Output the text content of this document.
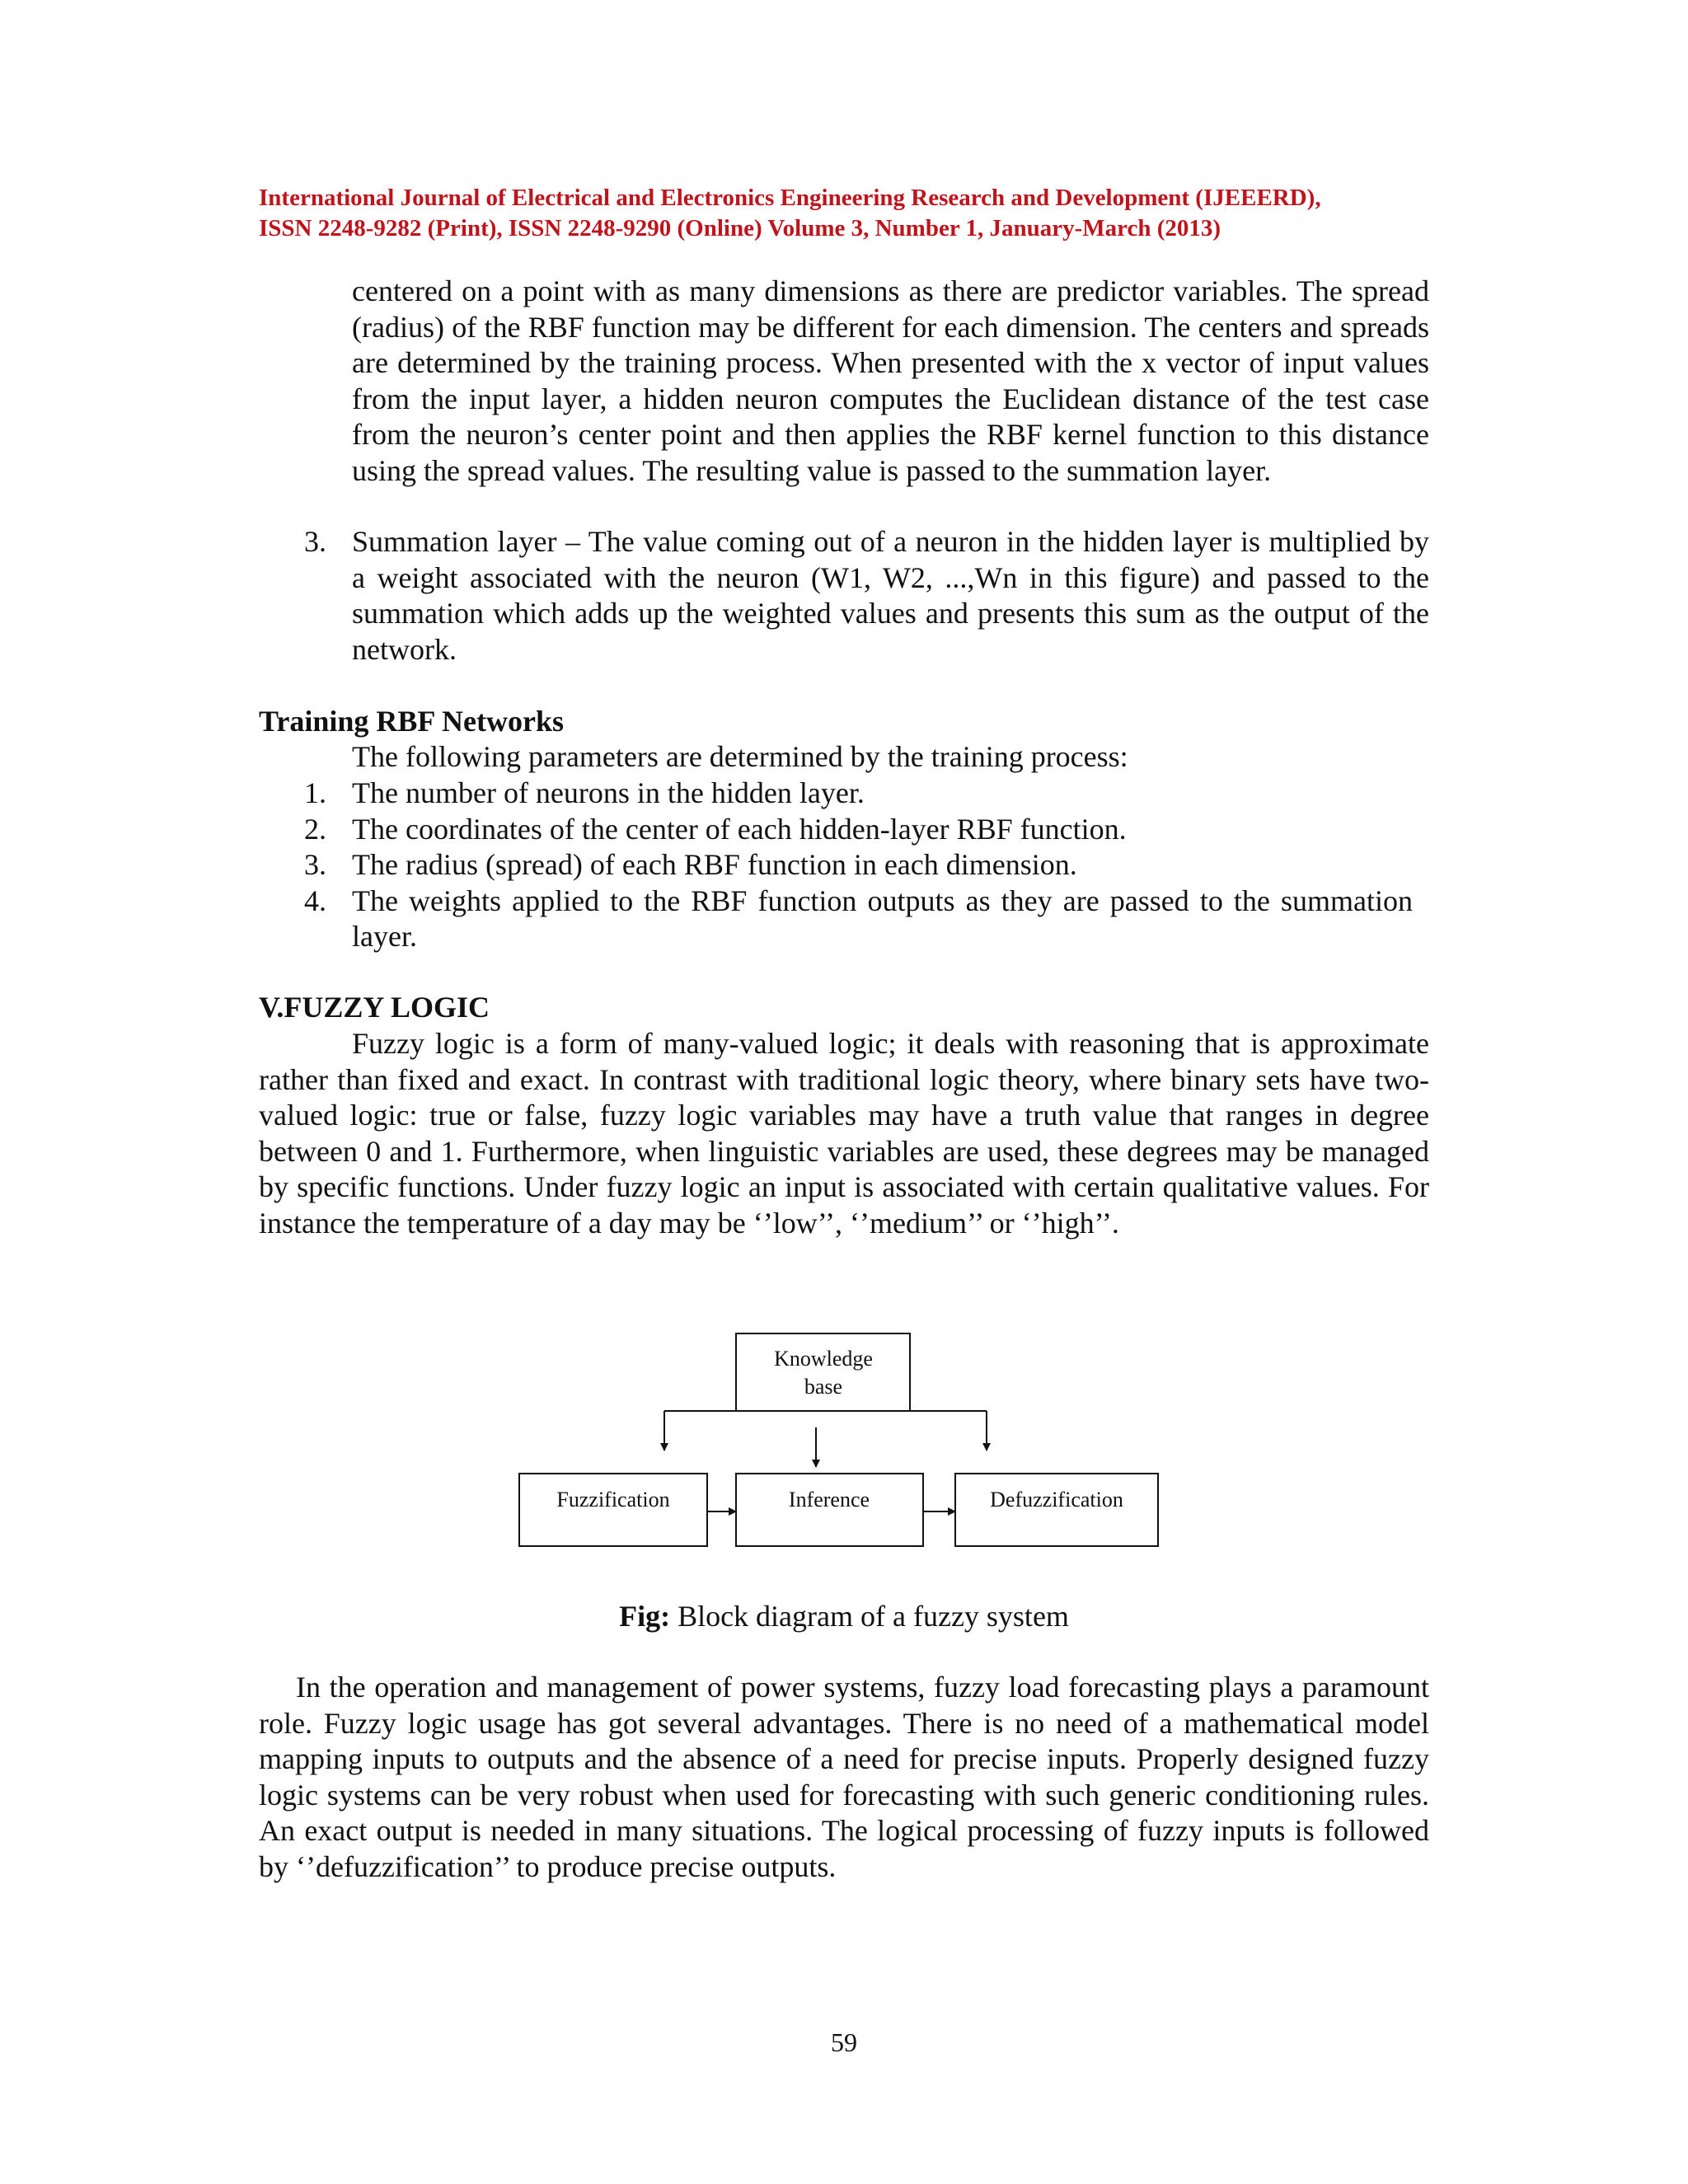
International Journal of Electrical and Electronics Engineering Research and Development (IJEEERD),
ISSN 2248-9282 (Print), ISSN 2248-9290 (Online) Volume 3, Number 1, January-March (2013)
centered on a point with as many dimensions as there are predictor variables. The spread (radius) of the RBF function may be different for each dimension. The centers and spreads are determined by the training process. When presented with the x vector of input values from the input layer, a hidden neuron computes the Euclidean distance of the test case from the neuron’s center point and then applies the RBF kernel function to this distance using the spread values. The resulting value is passed to the summation layer.
3. Summation layer – The value coming out of a neuron in the hidden layer is multiplied by a weight associated with the neuron (W1, W2, ...,Wn in this figure) and passed to the summation which adds up the weighted values and presents this sum as the output of the network.
Training RBF Networks
The following parameters are determined by the training process:
1. The number of neurons in the hidden layer.
2. The coordinates of the center of each hidden-layer RBF function.
3. The radius (spread) of each RBF function in each dimension.
4. The weights applied to the RBF function outputs as they are passed to the summation layer.
V.FUZZY LOGIC
Fuzzy logic is a form of many-valued logic; it deals with reasoning that is approximate rather than fixed and exact. In contrast with traditional logic theory, where binary sets have two-valued logic: true or false, fuzzy logic variables may have a truth value that ranges in degree between 0 and 1. Furthermore, when linguistic variables are used, these degrees may be managed by specific functions. Under fuzzy logic an input is associated with certain qualitative values. For instance the temperature of a day may be ‘’low’’, ‘’medium’’ or ‘’high’’.
Knowledge
base
Fuzzification	Inference	Defuzzification
Fig: Block diagram of a fuzzy system
In the operation and management of power systems, fuzzy load forecasting plays a paramount role. Fuzzy logic usage has got several advantages. There is no need of a mathematical model mapping inputs to outputs and the absence of a need for precise inputs. Properly designed fuzzy logic systems can be very robust when used for forecasting with such generic conditioning rules. An exact output is needed in many situations. The logical processing of fuzzy inputs is followed by ‘’defuzzification’’ to produce precise outputs.
59
